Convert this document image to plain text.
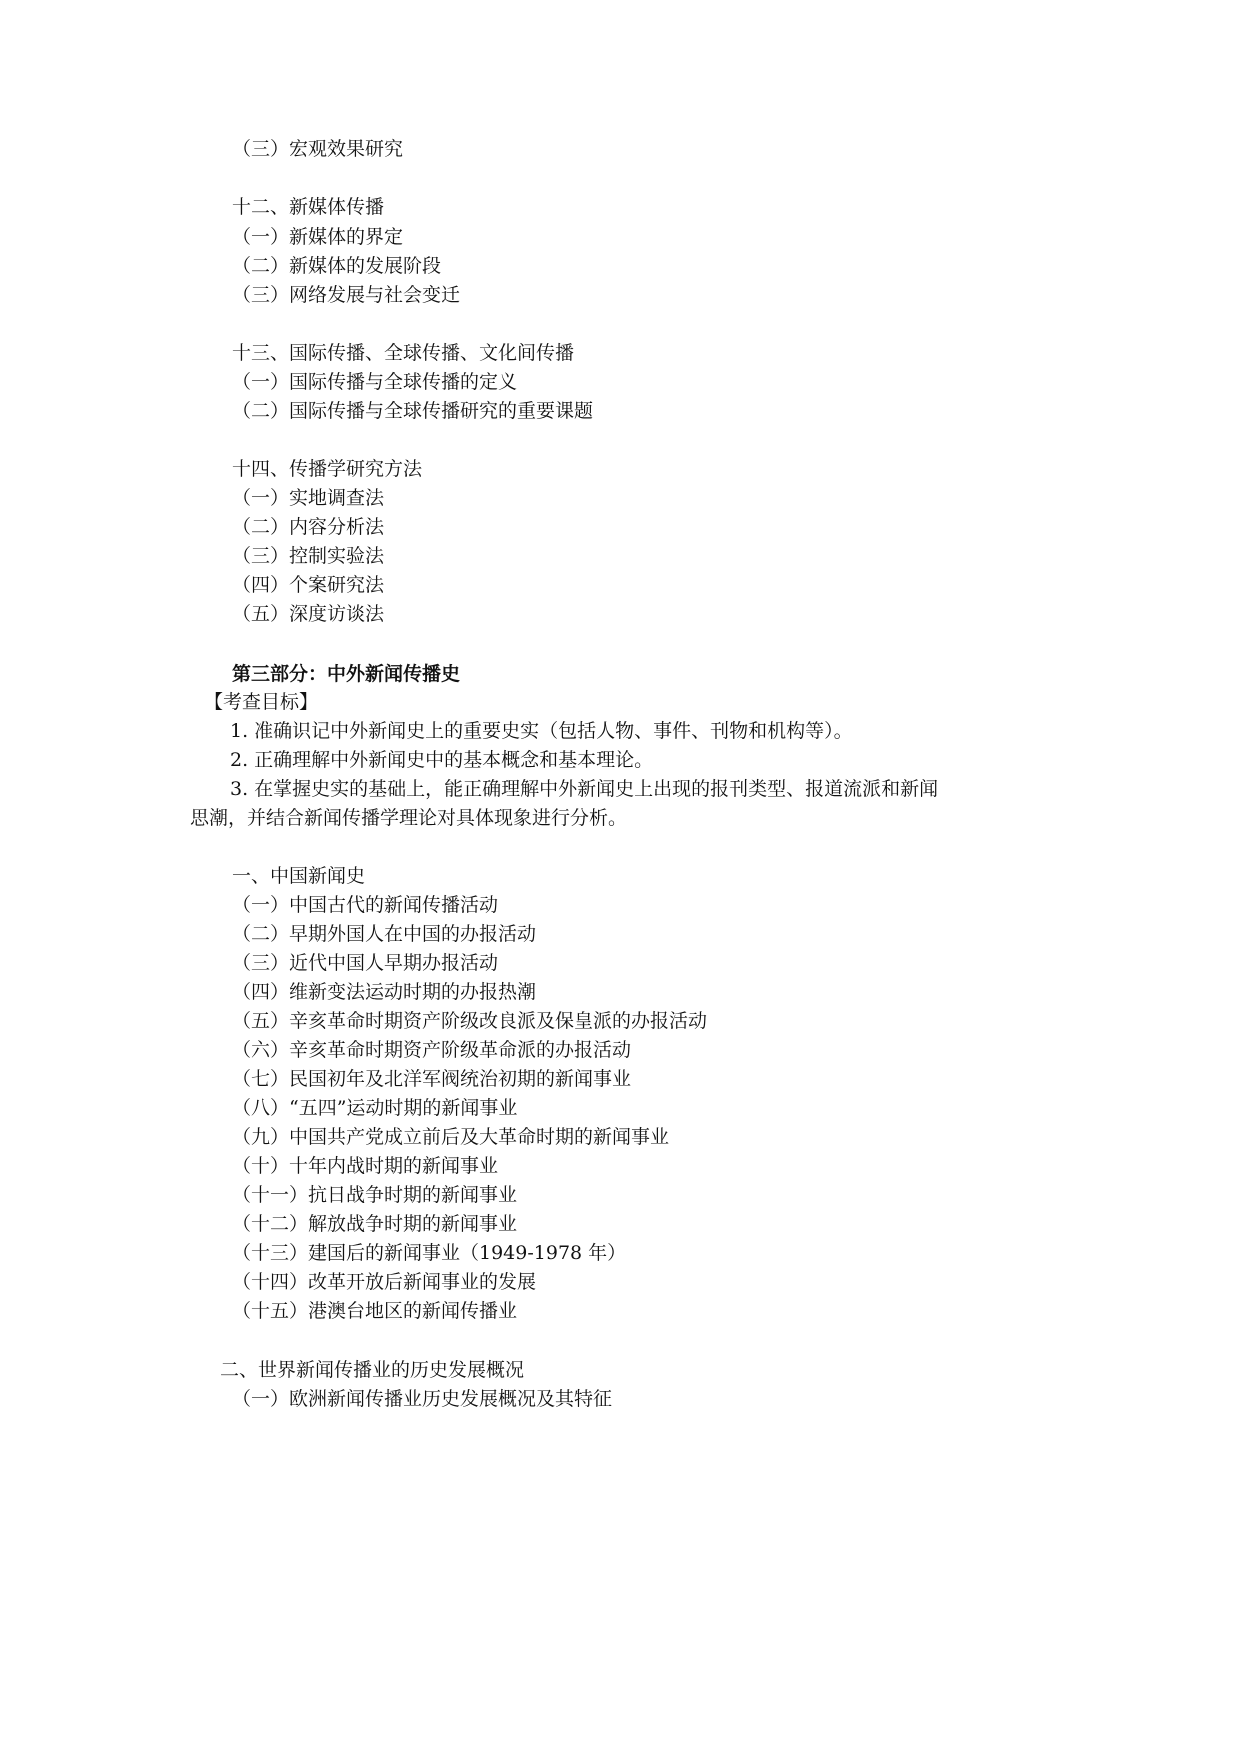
（三）宏观效果研究
十二、新媒体传播
（一）新媒体的界定
（二）新媒体的发展阶段
（三）网络发展与社会变迁
十三、国际传播、全球传播、文化间传播
（一）国际传播与全球传播的定义
（二）国际传播与全球传播研究的重要课题
十四、传播学研究方法
（一）实地调查法
（二）内容分析法
（三）控制实验法
（四）个案研究法
（五）深度访谈法
第三部分：中外新闻传播史
【考查目标】
1. 准确识记中外新闻史上的重要史实（包括人物、事件、刊物和机构等）。
2. 正确理解中外新闻史中的基本概念和基本理论。
3. 在掌握史实的基础上，能正确理解中外新闻史上出现的报刊类型、报道流派和新闻
思潮，并结合新闻传播学理论对具体现象进行分析。
一、中国新闻史
（一）中国古代的新闻传播活动
（二）早期外国人在中国的办报活动
（三）近代中国人早期办报活动
（四）维新变法运动时期的办报热潮
（五）辛亥革命时期资产阶级改良派及保皇派的办报活动
（六）辛亥革命时期资产阶级革命派的办报活动
（七）民国初年及北洋军阀统治初期的新闻事业
（八）“五四”运动时期的新闻事业
（九）中国共产党成立前后及大革命时期的新闻事业
（十）十年内战时期的新闻事业
（十一）抗日战争时期的新闻事业
（十二）解放战争时期的新闻事业
（十三）建国后的新闻事业（1949-1978 年）
（十四）改革开放后新闻事业的发展
（十五）港澳台地区的新闻传播业
二、世界新闻传播业的历史发展概况
（一）欧洲新闻传播业历史发展概况及其特征
